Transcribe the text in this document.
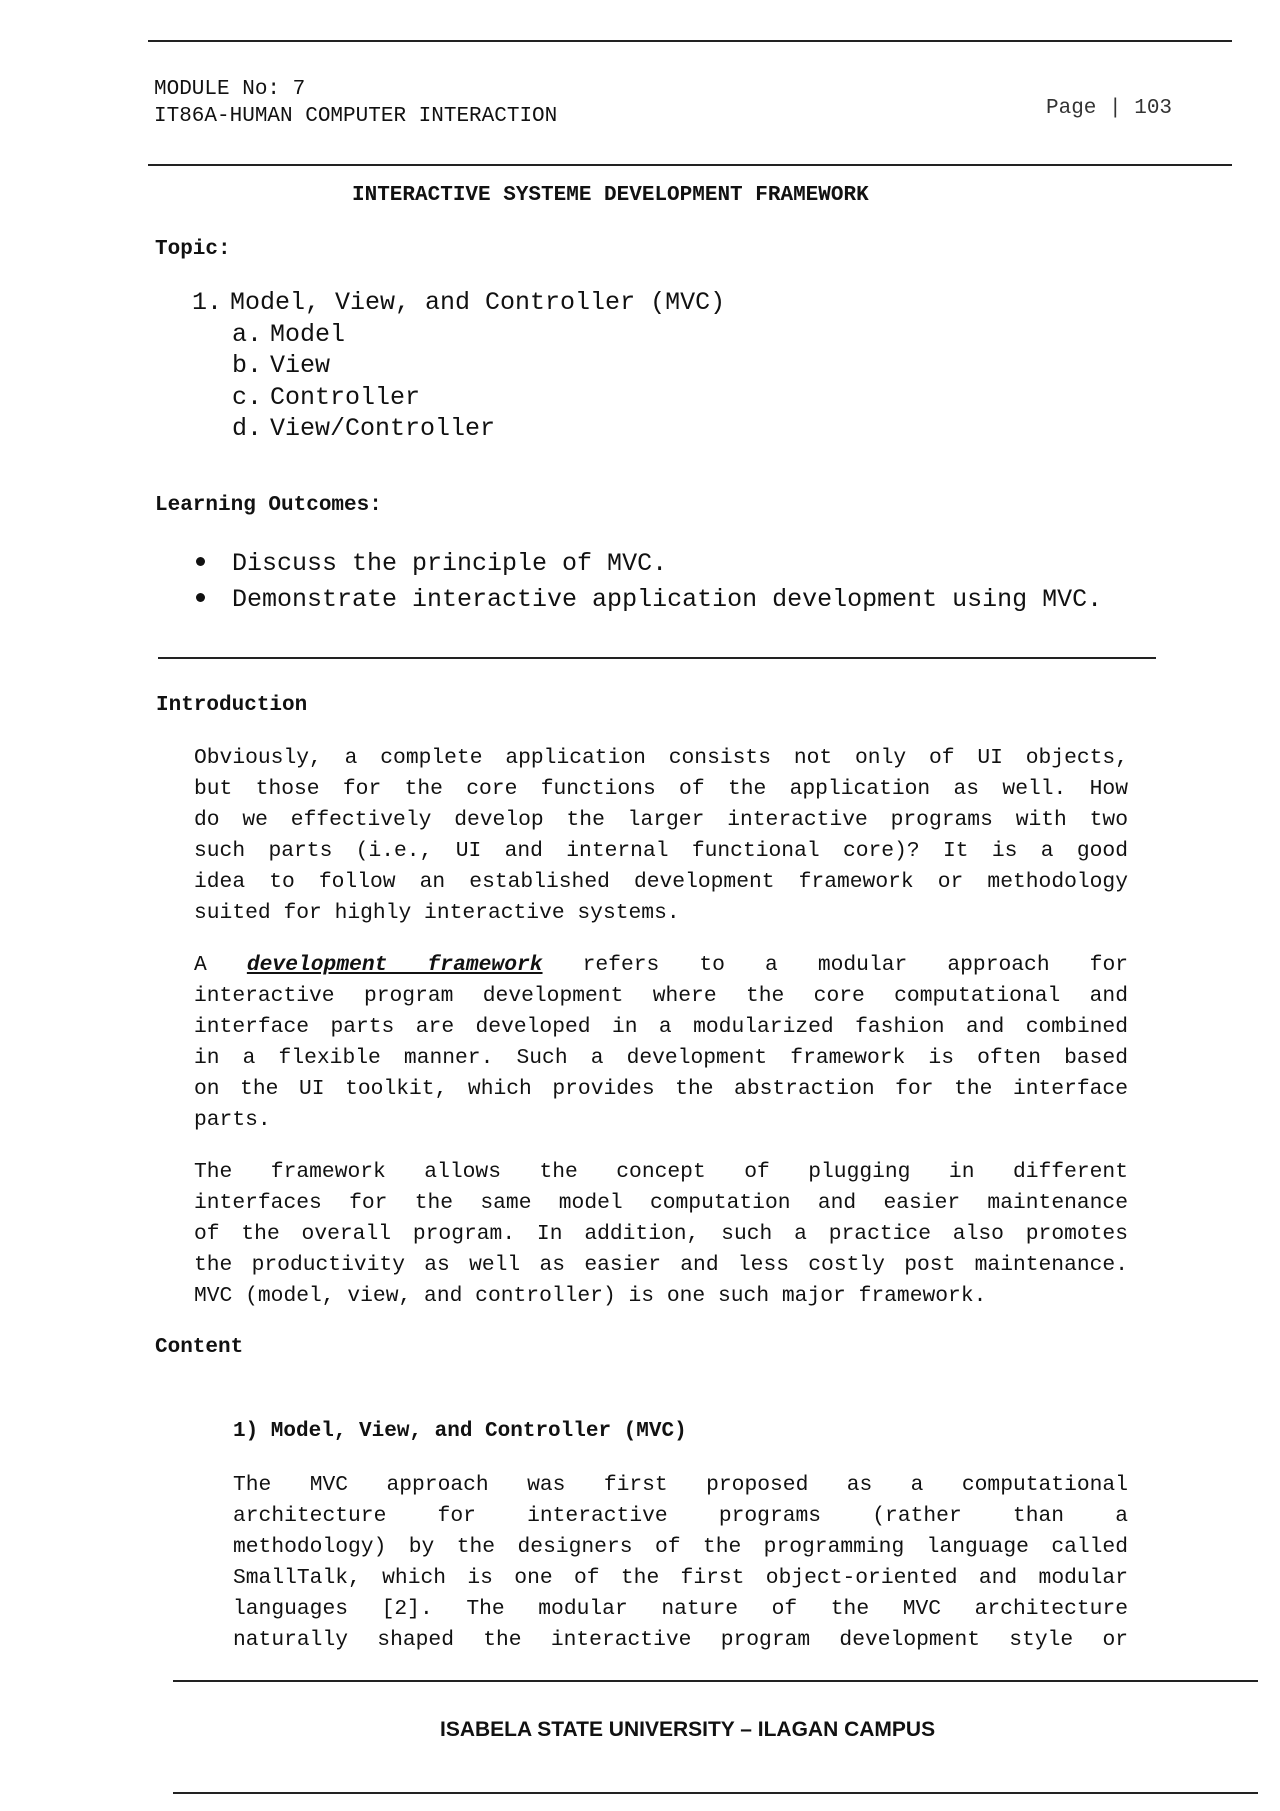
MODULE No: 7
IT86A-HUMAN COMPUTER INTERACTION	Page | 103
INTERACTIVE SYSTEME DEVELOPMENT FRAMEWORK
Topic:
1. Model, View, and Controller (MVC)
a. Model
b. View
c. Controller
d. View/Controller
Learning Outcomes:
Discuss the principle of MVC.
Demonstrate interactive application development using MVC.
Introduction
Obviously, a complete application consists not only of UI objects,
but those for the core functions of the application as well. How
do we effectively develop the larger interactive programs with two
such parts (i.e., UI and internal functional core)? It is a good
idea to follow an established development framework or methodology
suited for highly interactive systems.
A development framework refers to a modular approach for
interactive program development where the core computational and
interface parts are developed in a modularized fashion and combined
in a flexible manner. Such a development framework is often based
on the UI toolkit, which provides the abstraction for the interface
parts.
The framework allows the concept of plugging in different
interfaces for the same model computation and easier maintenance
of the overall program. In addition, such a practice also promotes
the productivity as well as easier and less costly post maintenance.
MVC (model, view, and controller) is one such major framework.
Content
1) Model, View, and Controller (MVC)
The MVC approach was first proposed as a computational
architecture for interactive programs (rather than a
methodology) by the designers of the programming language called
SmallTalk, which is one of the first object-oriented and modular
languages [2]. The modular nature of the MVC architecture
naturally shaped the interactive program development style or
ISABELA STATE UNIVERSITY – ILAGAN CAMPUS
